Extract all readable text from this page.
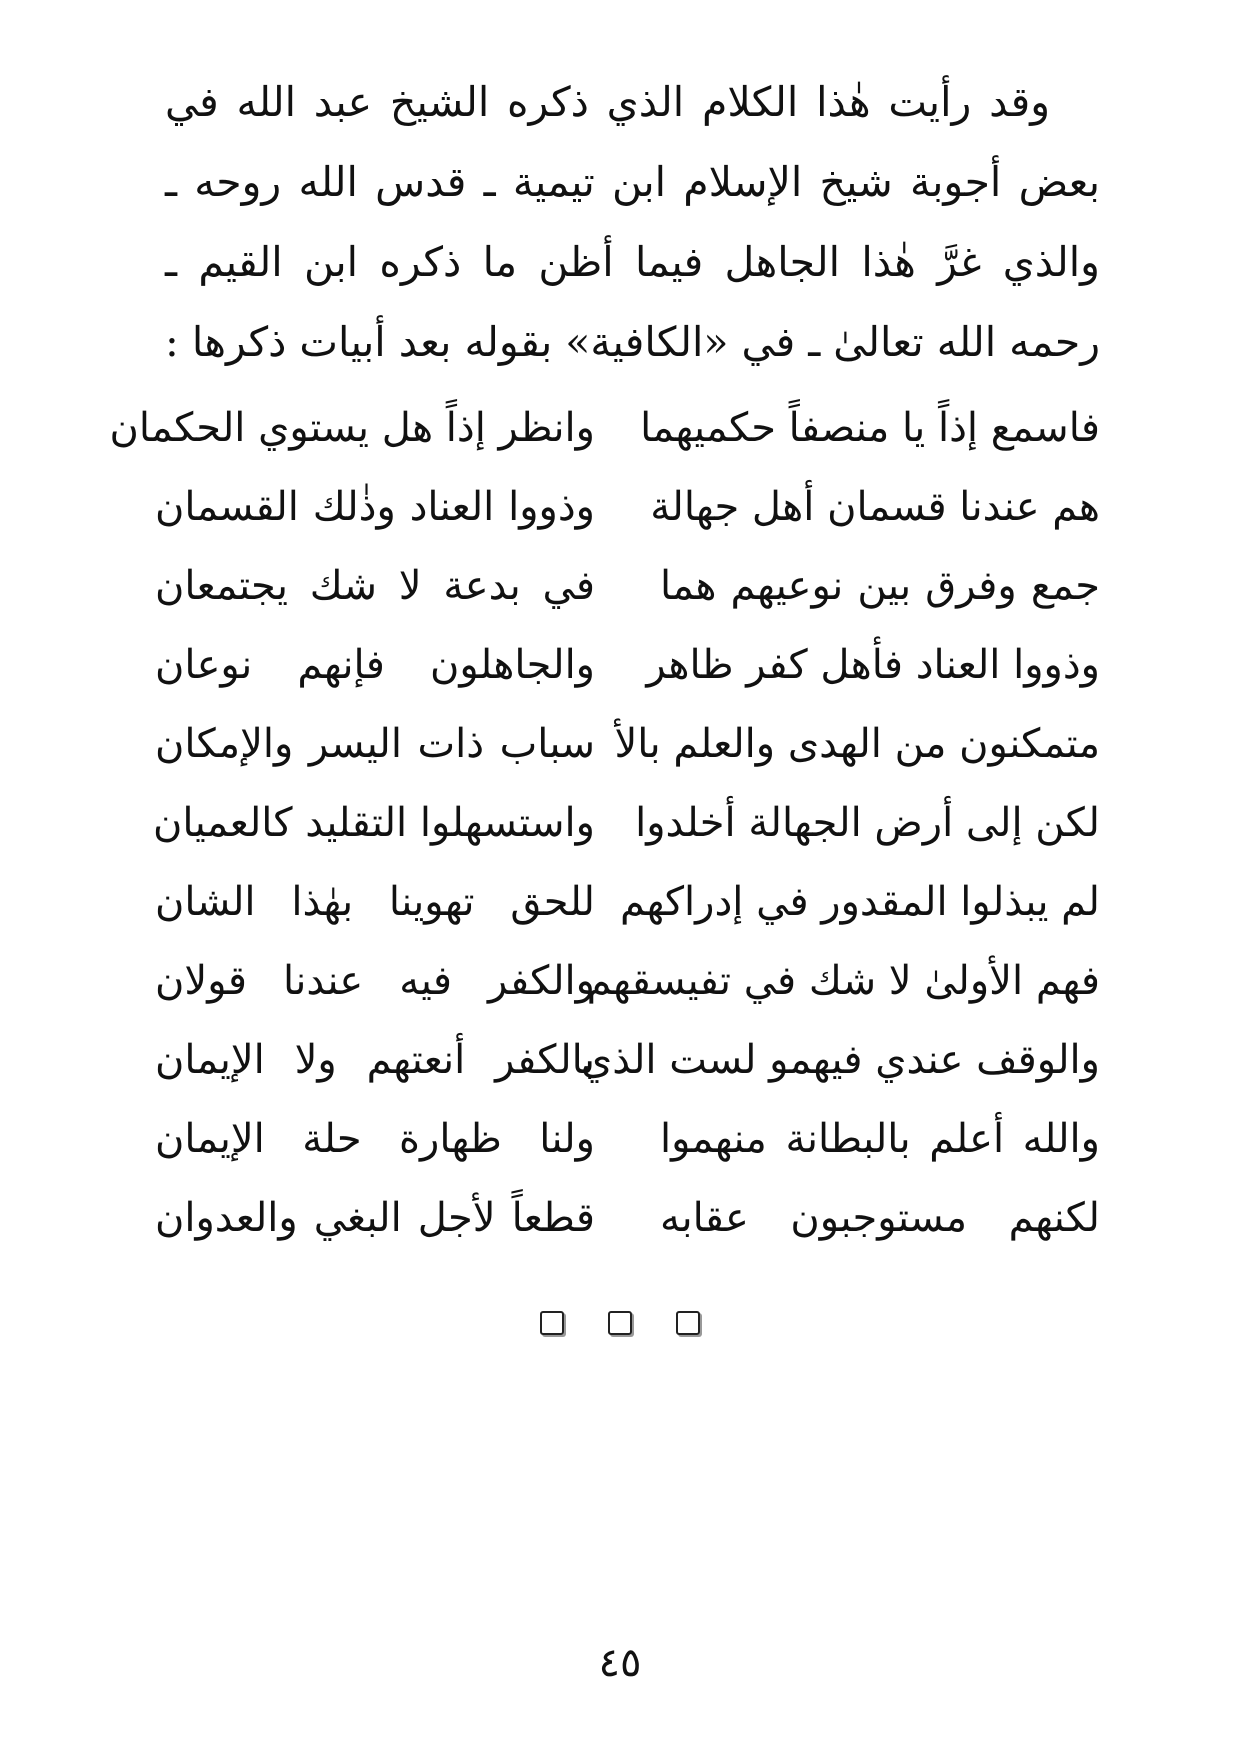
وقد رأيت هٰذا الكلام الذي ذكره الشيخ عبد الله في بعض أجوبة شيخ الإسلام ابن تيمية ـ قدس الله روحه ـ والذي غرَّ هٰذا الجاهل فيما أظن ما ذكره ابن القيم ـ رحمه الله تعالىٰ ـ في «الكافية» بقوله بعد أبيات ذكرها :

فاسمع إذاً يا منصفاً حكميهما
وانظر إذاً هل يستوي الحكمان
هم عندنا قسمان أهل جهالة
وذووا العناد وذٰلك القسمان
جمع وفرق بين نوعيهم هما
في بدعة لا شك يجتمعان
وذووا العناد فأهل كفر ظاهر
والجاهلون فإنهم نوعان
متمكنون من الهدى والعلم بالأ
سباب ذات اليسر والإمكان
لكن إلى أرض الجهالة أخلدوا
واستسهلوا التقليد كالعميان
لم يبذلوا المقدور في إدراكهم
للحق تهوينا بهٰذا الشان
فهم الأولىٰ لا شك في تفيسقهم
والكفر فيه عندنا قولان
والوقف عندي فيهمو لست الذي
بالكفر أنعتهم ولا الإيمان
والله أعلم بالبطانة منهموا
ولنا ظهارة حلة الإيمان
لكنهم مستوجبون عقابه
قطعاً لأجل البغي والعدوان
٤٥
